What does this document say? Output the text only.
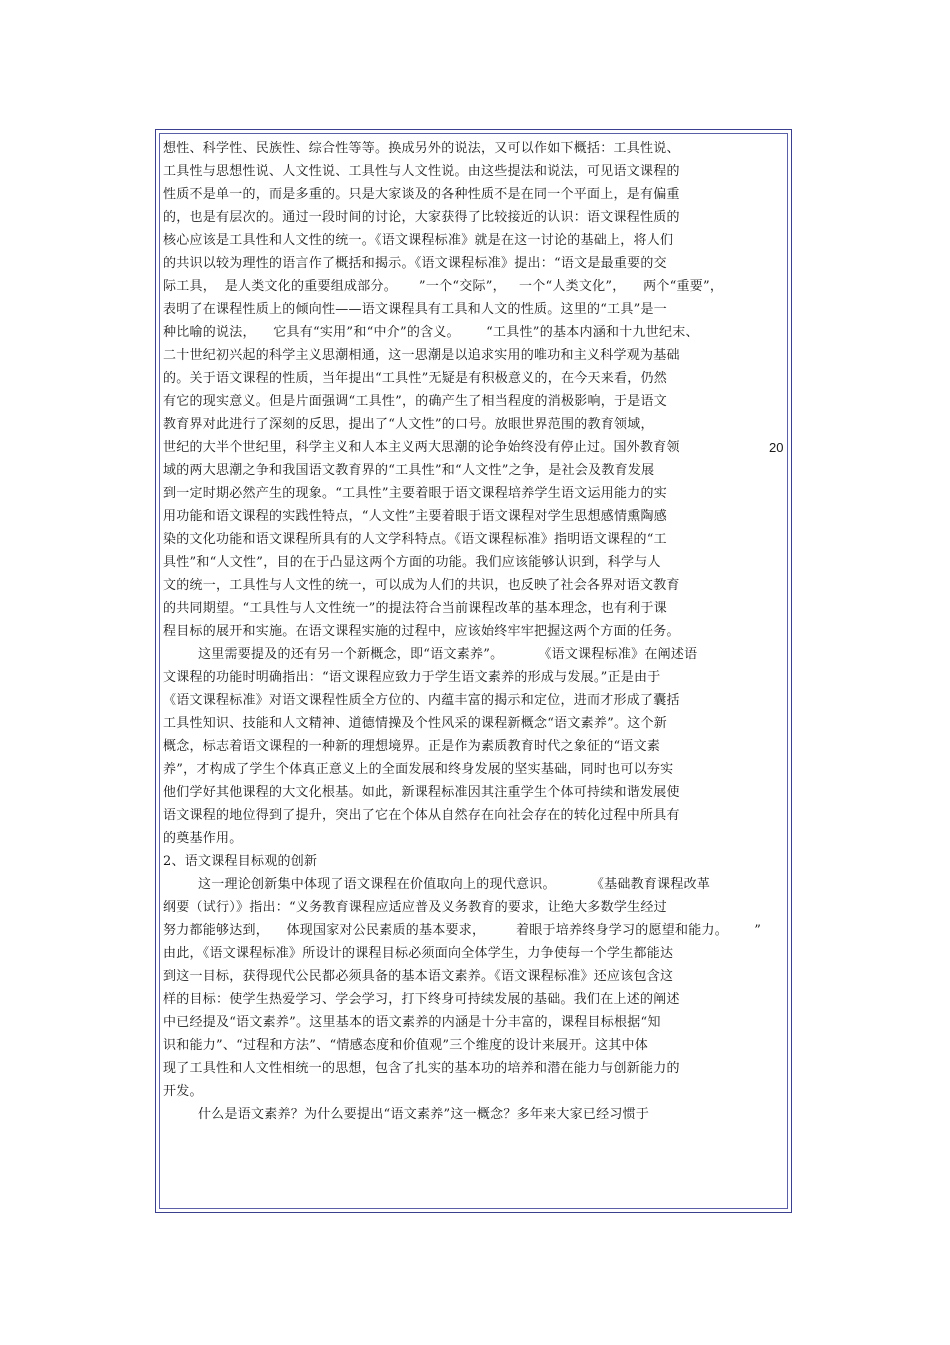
想性、科学性、民族性、综合性等等。换成另外的说法，又可以作如下概括：工具性说、
工具性与思想性说、人文性说、工具性与人文性说。由这些提法和说法，可见语文课程的
性质不是单一的，而是多重的。只是大家谈及的各种性质不是在同一个平面上，是有偏重
的，也是有层次的。通过一段时间的讨论，大家获得了比较接近的认识：语文课程性质的
核心应该是工具性和人文性的统一。《语文课程标准》就是在这一讨论的基础上，将人们
的共识以较为理性的语言作了概括和揭示。《语文课程标准》提出：“语文是最重要的交
际工具，  是人类文化的重要组成部分。     ”一个“交际”，   一个“人类文化”，    两个“重要”，
表明了在课程性质上的倾向性——语文课程具有工具和人文的性质。这里的“工具”是一
种比喻的说法，    它具有“实用”和“中介”的含义。      “工具性”的基本内涵和十九世纪末、
二十世纪初兴起的科学主义思潮相通，这一思潮是以追求实用的唯功和主义科学观为基础
的。关于语文课程的性质，当年提出“工具性”无疑是有积极意义的，在今天来看，仍然
有它的现实意义。但是片面强调“工具性”，的确产生了相当程度的消极影响，于是语文
教育界对此进行了深刻的反思，提出了“人文性”的口号。放眼世界范围的教育领域，
世纪的大半个世纪里，科学主义和人本主义两大思潮的论争始终没有停止过。国外教育领
域的两大思潮之争和我国语文教育界的“工具性”和“人文性”之争，是社会及教育发展
到一定时期必然产生的现象。“工具性”主要着眼于语文课程培养学生语文运用能力的实
用功能和语文课程的实践性特点，“人文性”主要着眼于语文课程对学生思想感情熏陶感
染的文化功能和语文课程所具有的人文学科特点。《语文课程标准》指明语文课程的“工
具性”和“人文性”，目的在于凸显这两个方面的功能。我们应该能够认识到，科学与人
文的统一，工具性与人文性的统一，可以成为人们的共识，也反映了社会各界对语文教育
的共同期望。“工具性与人文性统一”的提法符合当前课程改革的基本理念，也有利于课
程目标的展开和实施。在语文课程实施的过程中，应该始终牢牢把握这两个方面的任务。
这里需要提及的还有另一个新概念，即“语文素养”。        《语文课程标准》在阐述语
文课程的功能时明确指出：“语文课程应致力于学生语文素养的形成与发展。”正是由于
《语文课程标准》对语文课程性质全方位的、内蕴丰富的揭示和定位，进而才形成了囊括
工具性知识、技能和人文精神、道德情操及个性风采的课程新概念“语文素养”。这个新
概念，标志着语文课程的一种新的理想境界。正是作为素质教育时代之象征的“语文素
养”，才构成了学生个体真正意义上的全面发展和终身发展的坚实基础，同时也可以夯实
他们学好其他课程的大文化根基。如此，新课程标准因其注重学生个体可持续和谐发展使
语文课程的地位得到了提升，突出了它在个体从自然存在向社会存在的转化过程中所具有
的奠基作用。
2、语文课程目标观的创新
这一理论创新集中体现了语文课程在价值取向上的现代意识。        《基础教育课程改革
纲要（试行）》指出：“义务教育课程应适应普及义务教育的要求，让绝大多数学生经过
努力都能够达到，    体现国家对公民素质的基本要求，       着眼于培养终身学习的愿望和能力。      ”
由此，《语文课程标准》所设计的课程目标必须面向全体学生，力争使每一个学生都能达
到这一目标，获得现代公民都必须具备的基本语文素养。《语文课程标准》还应该包含这
样的目标：使学生热爱学习、学会学习，打下终身可持续发展的基础。我们在上述的阐述
中已经提及“语文素养”。这里基本的语文素养的内涵是十分丰富的，课程目标根据“知
识和能力”、“过程和方法”、“情感态度和价值观”三个维度的设计来展开。这其中体
现了工具性和人文性相统一的思想，包含了扎实的基本功的培养和潜在能力与创新能力的
开发。
什么是语文素养？为什么要提出“语文素养”这一概念？多年来大家已经习惯于
20
